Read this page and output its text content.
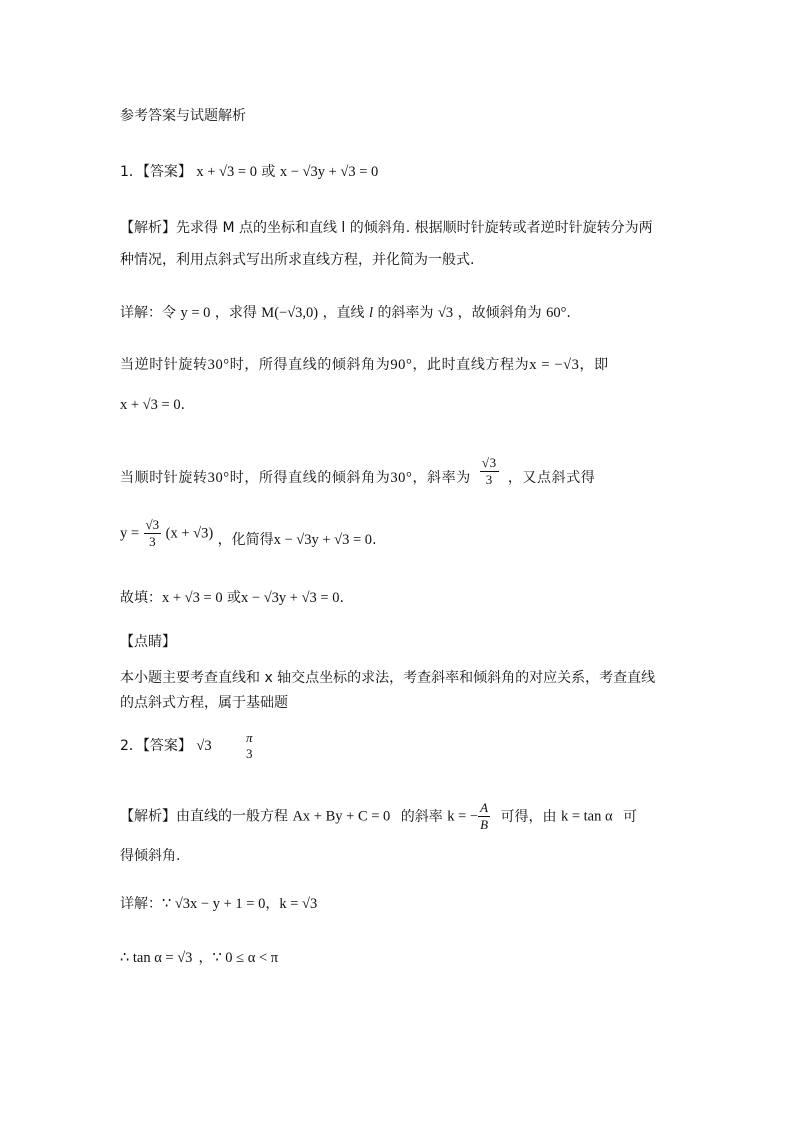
参考答案与试题解析
1．【答案】 x + √3 = 0 或 x − √3y + √3 = 0
【解析】先求得 M 点的坐标和直线 l 的倾斜角. 根据顺时针旋转或者逆时针旋转分为两
种情况，利用点斜式写出所求直线方程，并化简为一般式.
详解：令 y = 0 ，求得 M(−√3,0) ，直线 l 的斜率为 √3 ，故倾斜角为 60°.
当逆时针旋转30°时，所得直线的倾斜角为90°，此时直线方程为x = −√3，即
x + √3 = 0.
当顺时针旋转30°时，所得直线的倾斜角为30°，斜率为 $\frac{√3}{3}$ ，又点斜式得
$y = \frac{√3}{3} (x + √3)$ ，化简得x − √3y + √3 = 0.
故填：x + √3 = 0 或x − √3y + √3 = 0.
【点睛】
本小题主要考查直线和 x 轴交点坐标的求法，考查斜率和倾斜角的对应关系，考查直线
的点斜式方程，属于基础题
2．【答案】 √3
π
3
【解析】由直线的一般方程 Ax + By + C = 0 的斜率 k = − $\frac{A}{B}$ 可得，由 k = tan α 可
得倾斜角.
详解：∵ √3x − y + 1 = 0，k = √3
∴ tan α = √3 ，∵ 0 ≤ α < π
